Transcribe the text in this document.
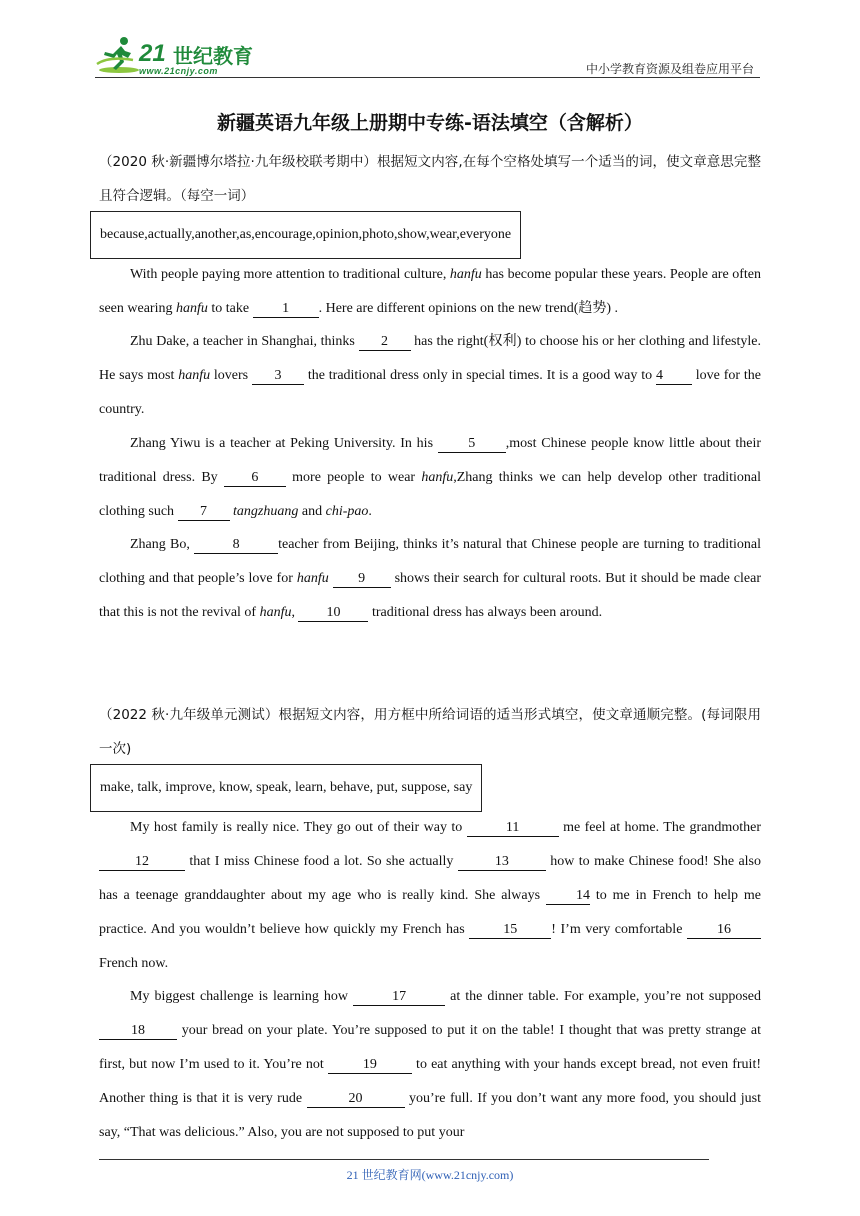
21 世纪教育
www.21cnjy.com	中小学教育资源及组卷应用平台
新疆英语九年级上册期中专练-语法填空（含解析）

（2020 秋·新疆博尔塔拉·九年级校联考期中）根据短文内容,在每个空格处填写一个适当的词，使文章意思完整且符合逻辑。（每空一词）

because,actually,another,as,encourage,opinion,photo,show,wear,everyone

With people paying more attention to traditional culture, hanfu has become popular these years. People are often seen wearing hanfu to take 1 . Here are different opinions on the new trend(趋势) .

Zhu Dake, a teacher in Shanghai, thinks 2 has the right(权利) to choose his or her clothing and lifestyle. He says most hanfu lovers 3 the traditional dress only in special times. It is a good way to 4 love for the country.

Zhang Yiwu is a teacher at Peking University. In his 5 ,most Chinese people know little about their traditional dress. By 6 more people to wear hanfu,Zhang thinks we can help develop other traditional clothing such 7 tangzhuang and chi-pao.

Zhang Bo,	8	teacher from Beijing, thinks it’s natural that Chinese people are turning to traditional clothing and that people’s love for hanfu 9 shows their search for cultural roots. But it should be made clear that this is not the revival of hanfu, 10 traditional dress has always been around.

（2022 秋·九年级单元测试）根据短文内容，用方框中所给词语的适当形式填空，使文章通顺完整。(每词限用一次)

make, talk, improve, know, speak, learn, behave, put, suppose, say

My host family is really nice. They go out of their way to	11	me feel at home. The grandmother 12	that I miss Chinese food a lot. So she actually	13	how to make Chinese food! She also has a teenage granddaughter about my age who is really kind. She always 14 to me in French to help me practice. And you wouldn’t believe how quickly my French has 15 ! I’m very comfortable 16 French now.

My biggest challenge is learning how	17	at the dinner table. For example, you’re not supposed 18 your bread on your plate. You’re supposed to put it on the table! I thought that was pretty strange at first, but now I’m used to it. You’re not	19	to eat anything with your hands except bread, not even fruit! Another thing is that it is very rude	20	you’re full. If you don’t want any more food, you should just say, “That was delicious.” Also, you are not supposed to put your

21 世纪教育网(www.21cnjy.com)
